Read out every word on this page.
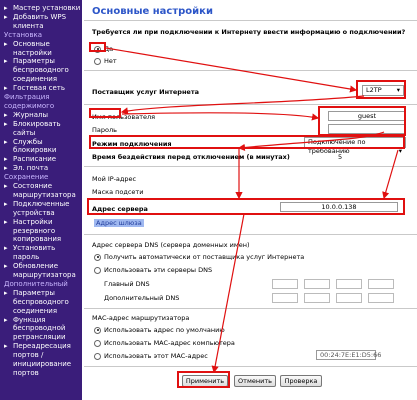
▸ Мастер установки
▸ Добавить WPS
клиента
Установка
▸ Основные
настройки
▸ Параметры
беспроводного
соединения
▸ Гостевая сеть
Фильтрация
содержимого
▸ Журналы
▸ Блокировать
сайты
▸ Службы
блокировки
▸ Расписание
▸ Эл. почта
Сохранение
▸ Состояние
маршрутизатора
▸ Подключенные
устройства
▸ Настройки
резервного
копирования
▸ Установить
пароль
▸ Обновление
маршрутизатора
Дополнительный
▸ Параметры
беспроводного
соединения
▸ Функция
беспроводной
ретрансляции
▸ Переадресация
портов /
инициирование
портов
Основные настройки
Требуется ли при подключении к Интернету ввести информацию о подключении?
Да
Нет
Поставщик услуг Интернета	L2TP ▾
Имя пользователя	guest
Пароль
Режим подключения	Подключение по требованию	▾
Время бездействия перед отключением (в минутах)	5
Мой IP-адрес
Маска подсети
Адрес сервера	10.0.0.138
Адрес шлюза
Адрес сервера DNS (сервера доменных имен)
Получить автоматически от поставщика услуг Интернета
Использовать эти серверы DNS
Главный DNS
Дополнительный DNS
MAC-адрес маршрутизатора
Использовать адрес по умолчанию
Использовать MAC-адрес компьютера
Использовать этот MAC-адрес	00:24:7E:E1:D5:66
Применить	Отменить	Проверка
